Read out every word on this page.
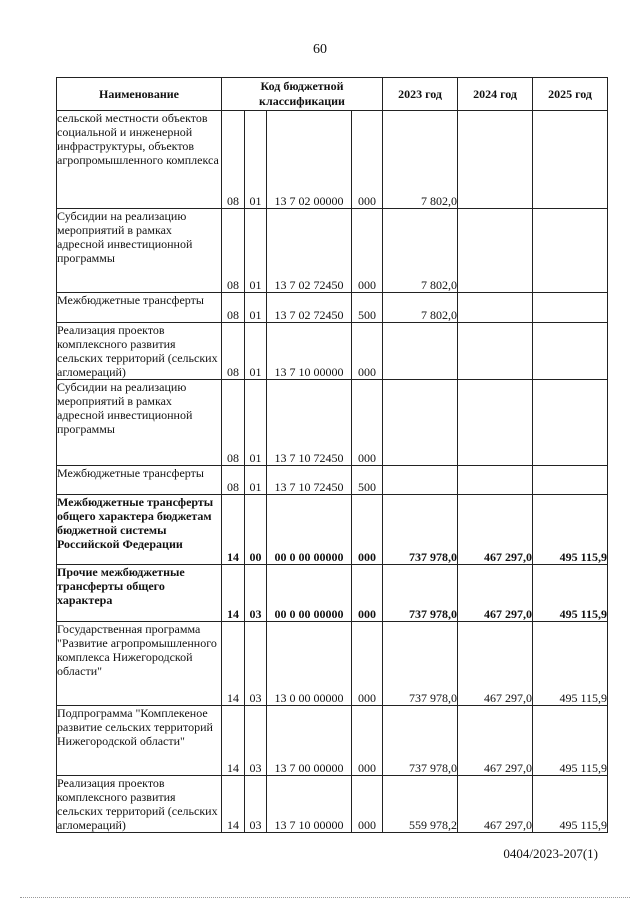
60
Наименование	Код бюджетной классификации				2023 год	2024 год	2025 год
сельской местности объектов социальной и инженерной инфраструктуры, объектов агропромышленного комплекса	08	01	13 7 02 00000	000	7 802,0		
Субсидии на реализацию мероприятий в рамках адресной инвестиционной программы	08	01	13 7 02 72450	000	7 802,0		
Межбюджетные трансферты	08	01	13 7 02 72450	500	7 802,0		
Реализация проектов комплексного развития сельских территорий (сельских агломераций)	08	01	13 7 10 00000	000			
Субсидии на реализацию мероприятий в рамках адресной инвестиционной программы	08	01	13 7 10 72450	000			
Межбюджетные трансферты	08	01	13 7 10 72450	500			
Межбюджетные трансферты общего характера бюджетам бюджетной системы Российской Федерации	14	00	00 0 00 00000	000	737 978,0	467 297,0	495 115,9
Прочие межбюджетные трансферты общего характера	14	03	00 0 00 00000	000	737 978,0	467 297,0	495 115,9
Государственная программа "Развитие агропромышленного комплекса Нижегородской области"	14	03	13 0 00 00000	000	737 978,0	467 297,0	495 115,9
Подпрограмма "Комплекеное развитие сельских территорий Нижегородской области"	14	03	13 7 00 00000	000	737 978,0	467 297,0	495 115,9
Реализация проектов комплексного развития сельских территорий (сельских агломераций)	14	03	13 7 10 00000	000	559 978,2	467 297,0	495 115,9
0404/2023-207(1)
